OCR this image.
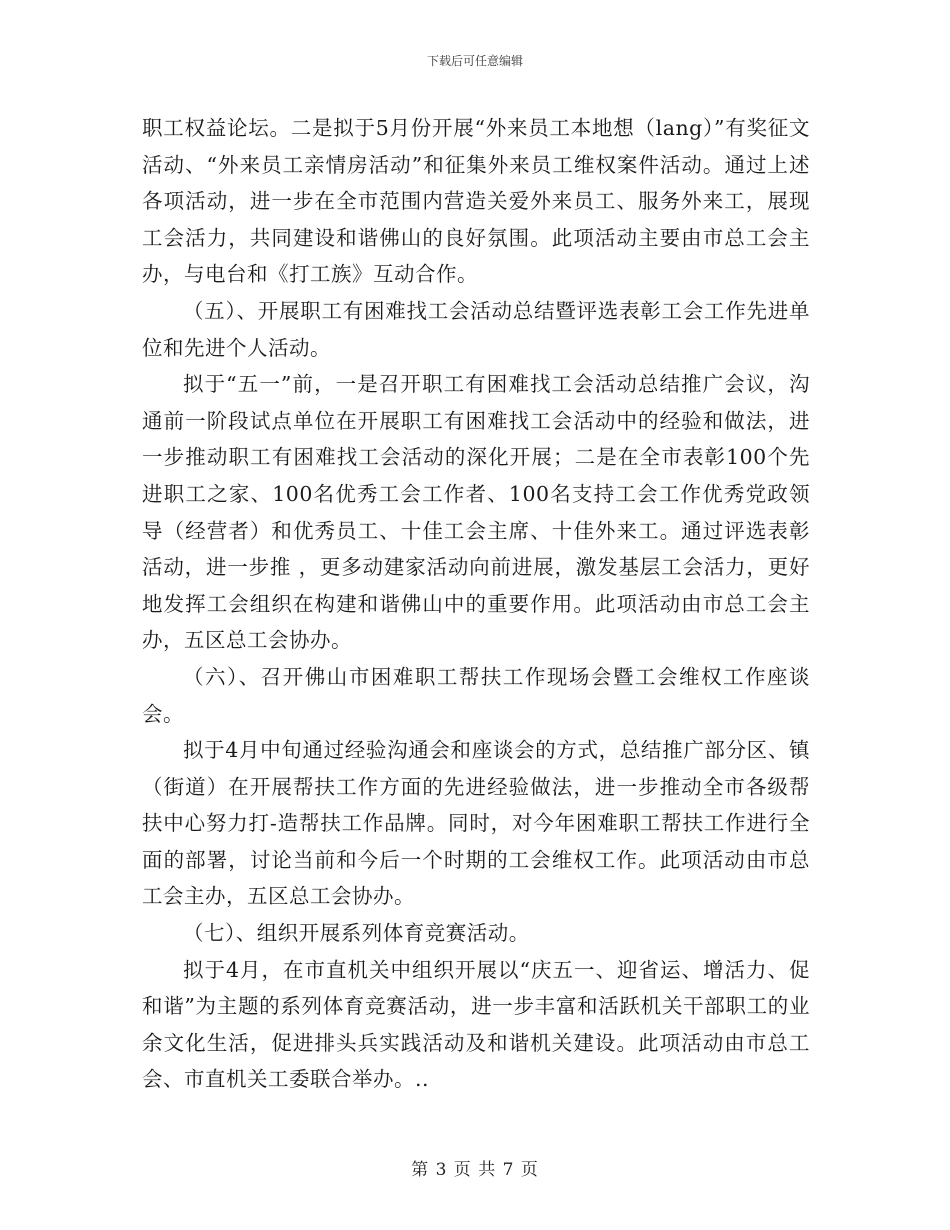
下载后可任意编辑

职工权益论坛。二是拟于5月份开展“外来员工本地想（lang）”有奖征文活动、“外来员工亲情房活动”和征集外来员工维权案件活动。通过上述各项活动，进一步在全市范围内营造关爱外来员工、服务外来工，展现工会活力，共同建设和谐佛山的良好氛围。此项活动主要由市总工会主办，与电台和《打工族》互动合作。

（五）、开展职工有困难找工会活动总结暨评选表彰工会工作先进单位和先进个人活动。

拟于“五一”前，一是召开职工有困难找工会活动总结推广会议，沟通前一阶段试点单位在开展职工有困难找工会活动中的经验和做法，进一步推动职工有困难找工会活动的深化开展；二是在全市表彰100个先进职工之家、100名优秀工会工作者、100名支持工会工作优秀党政领导（经营者）和优秀员工、十佳工会主席、十佳外来工。通过评选表彰活动，进一步推 ，更多动建家活动向前进展，激发基层工会活力，更好地发挥工会组织在构建和谐佛山中的重要作用。此项活动由市总工会主办，五区总工会协办。

（六）、召开佛山市困难职工帮扶工作现场会暨工会维权工作座谈会。

拟于4月中旬通过经验沟通会和座谈会的方式，总结推广部分区、镇（街道）在开展帮扶工作方面的先进经验做法，进一步推动全市各级帮扶中心努力打-造帮扶工作品牌。同时，对今年困难职工帮扶工作进行全面的部署，讨论当前和今后一个时期的工会维权工作。此项活动由市总工会主办，五区总工会协办。

（七）、组织开展系列体育竞赛活动。

拟于4月，在市直机关中组织开展以“庆五一、迎省运、增活力、促和谐”为主题的系列体育竞赛活动，进一步丰富和活跃机关干部职工的业余文化生活，促进排头兵实践活动及和谐机关建设。此项活动由市总工会、市直机关工委联合举办。..

第 3 页 共 7 页
